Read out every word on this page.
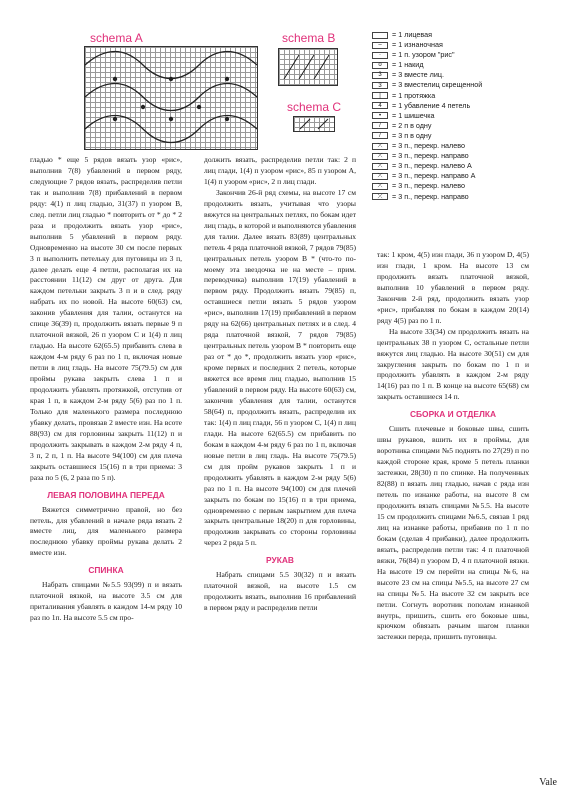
schema A	schema B
schema C
= 1 лицевая
–	= 1 изнаночная
·	= 1 п. узором "рис"
o	= 1 накид
3	= 3 вместе лиц.
3	= 3 вместелиц скрещенной
|	= 1 протяжка
4	= 1 убавление 4 петель
•	= 1 шишечка
/	= 2 п в одну
/	= 3 п в одну
⤫	= 3 п., перекр. налево
⤫	= 3 п., перекр. направо
⤫	= 3 п., перекр. налево А
⤫	= 3 п., перекр. направо А
⤫	= 3 п., перекр. налево
⤫	= 3 п., перекр. направо

гладью * еще 5 рядов вязать узор «рис», выполнив 7(8) убавлений в первом ряду, следующие 7 рядов вязать, распределив петли так и выполнив 7(8) прибавлений в первом ряду: 4(1) п лиц гладью, 31(37) п узором В, след. петли лиц гладью * повторить от * до * 2 раза и продолжить вязать узор «рис», выполнив 5 убавлений в первом ряду. Одновременно на высоте 30 см после первых 3 п выполнить петельку для пуговицы из 3 п, далее делать еще 4 петли, располагая их на расстоянии 11(12) см друг от друга. Для каждом петельки закрыть 3 п и в след. ряду набрать их по новой. На высоте 60(63) см, законив убавления для талии, останутся на спице 36(39) п, продолжить вязать первые 9 п платочной вязкой, 26 п узором С и 1(4) п лиц гладью. На высоте 62(65.5) прибавить слева в каждом 4-м ряду 6 раз по 1 п, включая новые петли в лиц гладь. На высоте 75(79.5) см для проймы рукава закрыть слева 1 п и продолжить убавлять протяжкой, отступив от края 1 п, в каждом 2-м ряду 5(6) раз по 1 п. Только для маленького размера последнюю убавку делать, провязав 2 вместе изн. На всоте 88(93) см для горловины закрыть 11(12) п и продолжить закрывать в каждом 2-м ряду 4 п, 3 п, 2 п, 1 п. На высоте 94(100) см для плеча закрыть оставшиеся 15(16) п в три приема: 3 раза по 5 (6, 2 раза по 5 п).

ЛЕВАЯ ПОЛОВИНА ПЕРЕДА

Вяжется симметрично правой, но без петель, для убавлений в начале ряда вязать 2 вместе лиц, для маленького размера последнюю убавку проймы рукава делать 2 вместе изн.

СПИНКА

Набрать спицами №5.5 93(99) п и вязать платочной вязкой, на высоте 3.5 см для приталивания убавлять в каждом 14-м ряду 10 раз по 1п. На высоте 5.5 см про-

должить вязать, распределив петли так: 2 п лиц глади, 1(4) п узором «рис», 85 п узором А, 1(4) п узором «рис», 2 п лиц глади.

Закончив 26-й ряд схемы, на высоте 17 см продолжить вязать, учитывая что узоры вяжутся на центральных петлях, по бокам идет лиц гладь, в которой и выполняются убавления для талии. Далее вязать 83(89) центральных петель 4 ряда платочной вязкой, 7 рядов 79(85) центральных петель узором В * (что-то по-моему эта звездочка не на месте – прим. переводчика) выполнив 17(19) убавлений в первом ряду. Продолжить вязать 79(85) п, оставшиеся петли вязать 5 рядов узором «рис», выполнив 17(19) прибавлений в первом ряду на 62(66) центральных петлях и в след. 4 ряда платочной вязкой, 7 рядов 79(85) центральных петель узором В * повторить еще раз от * до *, продолжить вязать узор «рис», кроме первых и последних 2 петель, которые вяжется все время лиц гладью, выполнив 15 убавлений в первом ряду. На высоте 60(63) см, закончив убавления для талии, останутся 58(64) п, продолжить вязать, распределив их так: 1(4) п лиц глади, 56 п узором С, 1(4) п лиц глади. На высоте 62(65.5) см прибавить по бокам в каждом 4-м ряду 6 раз по 1 п, включая новые петли в лиц гладь. На высоте 75(79.5) см для пройм рукавов закрыть 1 п и продолжить убавлять в каждом 2-м ряду 5(6) раз по 1 п. На высоте 94(100) см для плечей закрыть по бокам по 15(16) п в три приема, одновременно с первым закрытием для плеча закрыть центральные 18(20) п для горловины, продолжив закрывать со стороны горловины через 2 ряда 5 п.

РУКАВ

Набрать спицами 5.5 30(32) п и вязать платочной вязкой, на высоте 1.5 см продолжить вязать, выполнив 16 прибавлений в первом ряду и распределив петли

так: 1 кром, 4(5) изн глади, 36 п узором D, 4(5) изн глади, 1 кром. На высоте 13 см продолжить вязать платочной вязкой, выполнив 10 убавлений в первом ряду. Закончив 2-й ряд, продолжить вязать узор «рис», прибавляя по бокам в каждом 20(14) ряду 4(5) раз по 1 п.

На высоте 33(34) см продолжить вязать на центральных 38 п узором С, остальные петли вяжутся лиц гладью. На высоте 30(51) см для закругления закрыть по бокам по 1 п и продолжить убавлять в каждом 2-м ряду 14(16) раз по 1 п. В конце на высоте 65(68) см закрыть оставшиеся 14 п.

СБОРКА И ОТДЕЛКА

Сшить плечевые и боковые швы, сшить швы рукавов, вшить их в проймы, для воротника спицами №5 поднять по 27(29) п по каждой стороне края, кроме 5 петель планки застежки, 28(30) п по спинке. На полученных 82(88) п вязать лиц гладью, начав с ряда изн петель по изнанке работы, на высоте 8 см продолжить вязать спицами №5.5. На высоте 15 см продолжить спицами №6.5, связав 1 ряд лиц на изнанке работы, прибавив по 1 п по бокам (сделав 4 прибавки), далее продолжить вязать, распределив петли так: 4 п платочной вязки, 76(84) п узором D, 4 п платочной вязки. На высоте 19 см перейти на спицы №6, на высоте 23 см на спицы №5.5, на высоте 27 см на спицы №5. На высоте 32 см закрыть все петли. Согнуть воротник пополам изнанкой внутрь, пришить, сшить его боковые швы, крючком обвязать рачьим шагом планки застежки переда, пришить пуговицы.

Vale
